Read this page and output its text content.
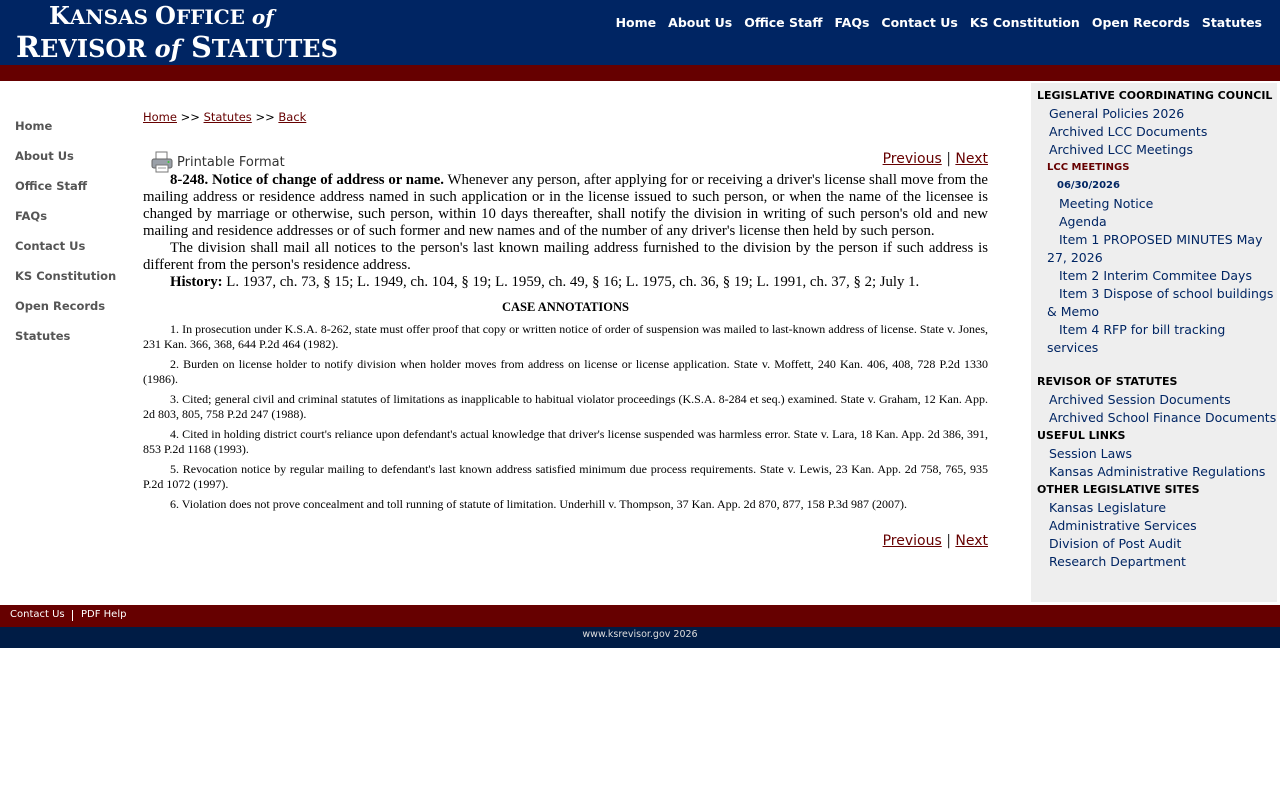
KANSAS OFFICE of
REVISOR of STATUTES
Home About Us Office Staff FAQs Contact Us KS Constitution Open Records Statutes
Home
About Us
Office Staff
FAQs
Contact Us
KS Constitution
Open Records
Statutes
Home >> Statutes >> Back
Printable Format	Previous | Next

8-248. Notice of change of address or name. Whenever any person, after applying for or receiving a driver's license shall move from the mailing address or residence address named in such application or in the license issued to such person, or when the name of the licensee is changed by marriage or otherwise, such person, within 10 days thereafter, shall notify the division in writing of such person's old and new mailing and residence addresses or of such former and new names and of the number of any driver's license then held by such person.

The division shall mail all notices to the person's last known mailing address furnished to the division by the person if such address is different from the person's residence address.

History: L. 1937, ch. 73, § 15; L. 1949, ch. 104, § 19; L. 1959, ch. 49, § 16; L. 1975, ch. 36, § 19; L. 1991, ch. 37, § 2; July 1.

CASE ANNOTATIONS

1. In prosecution under K.S.A. 8-262, state must offer proof that copy or written notice of order of suspension was mailed to last-known address of license. State v. Jones, 231 Kan. 366, 368, 644 P.2d 464 (1982).

2. Burden on license holder to notify division when holder moves from address on license or license application. State v. Moffett, 240 Kan. 406, 408, 728 P.2d 1330 (1986).

3. Cited; general civil and criminal statutes of limitations as inapplicable to habitual violator proceedings (K.S.A. 8-284 et seq.) examined. State v. Graham, 12 Kan. App. 2d 803, 805, 758 P.2d 247 (1988).

4. Cited in holding district court's reliance upon defendant's actual knowledge that driver's license suspended was harmless error. State v. Lara, 18 Kan. App. 2d 386, 391, 853 P.2d 1168 (1993).

5. Revocation notice by regular mailing to defendant's last known address satisfied minimum due process requirements. State v. Lewis, 23 Kan. App. 2d 758, 765, 935 P.2d 1072 (1997).

6. Violation does not prove concealment and toll running of statute of limitation. Underhill v. Thompson, 37 Kan. App. 2d 870, 877, 158 P.3d 987 (2007).

Previous | Next
LEGISLATIVE COORDINATING COUNCIL
General Policies 2026
Archived LCC Documents
Archived LCC Meetings
LCC MEETINGS
06/30/2026
Meeting Notice
Agenda
Item 1 PROPOSED MINUTES May 27, 2026
Item 2 Interim Commitee Days
Item 3 Dispose of school buildings & Memo
Item 4 RFP for bill tracking services
REVISOR OF STATUTES
Archived Session Documents
Archived School Finance Documents
USEFUL LINKS
Session Laws
Kansas Administrative Regulations
OTHER LEGISLATIVE SITES
Kansas Legislature
Administrative Services
Division of Post Audit
Research Department
Contact Us PDF Help
www.ksrevisor.gov 2026
